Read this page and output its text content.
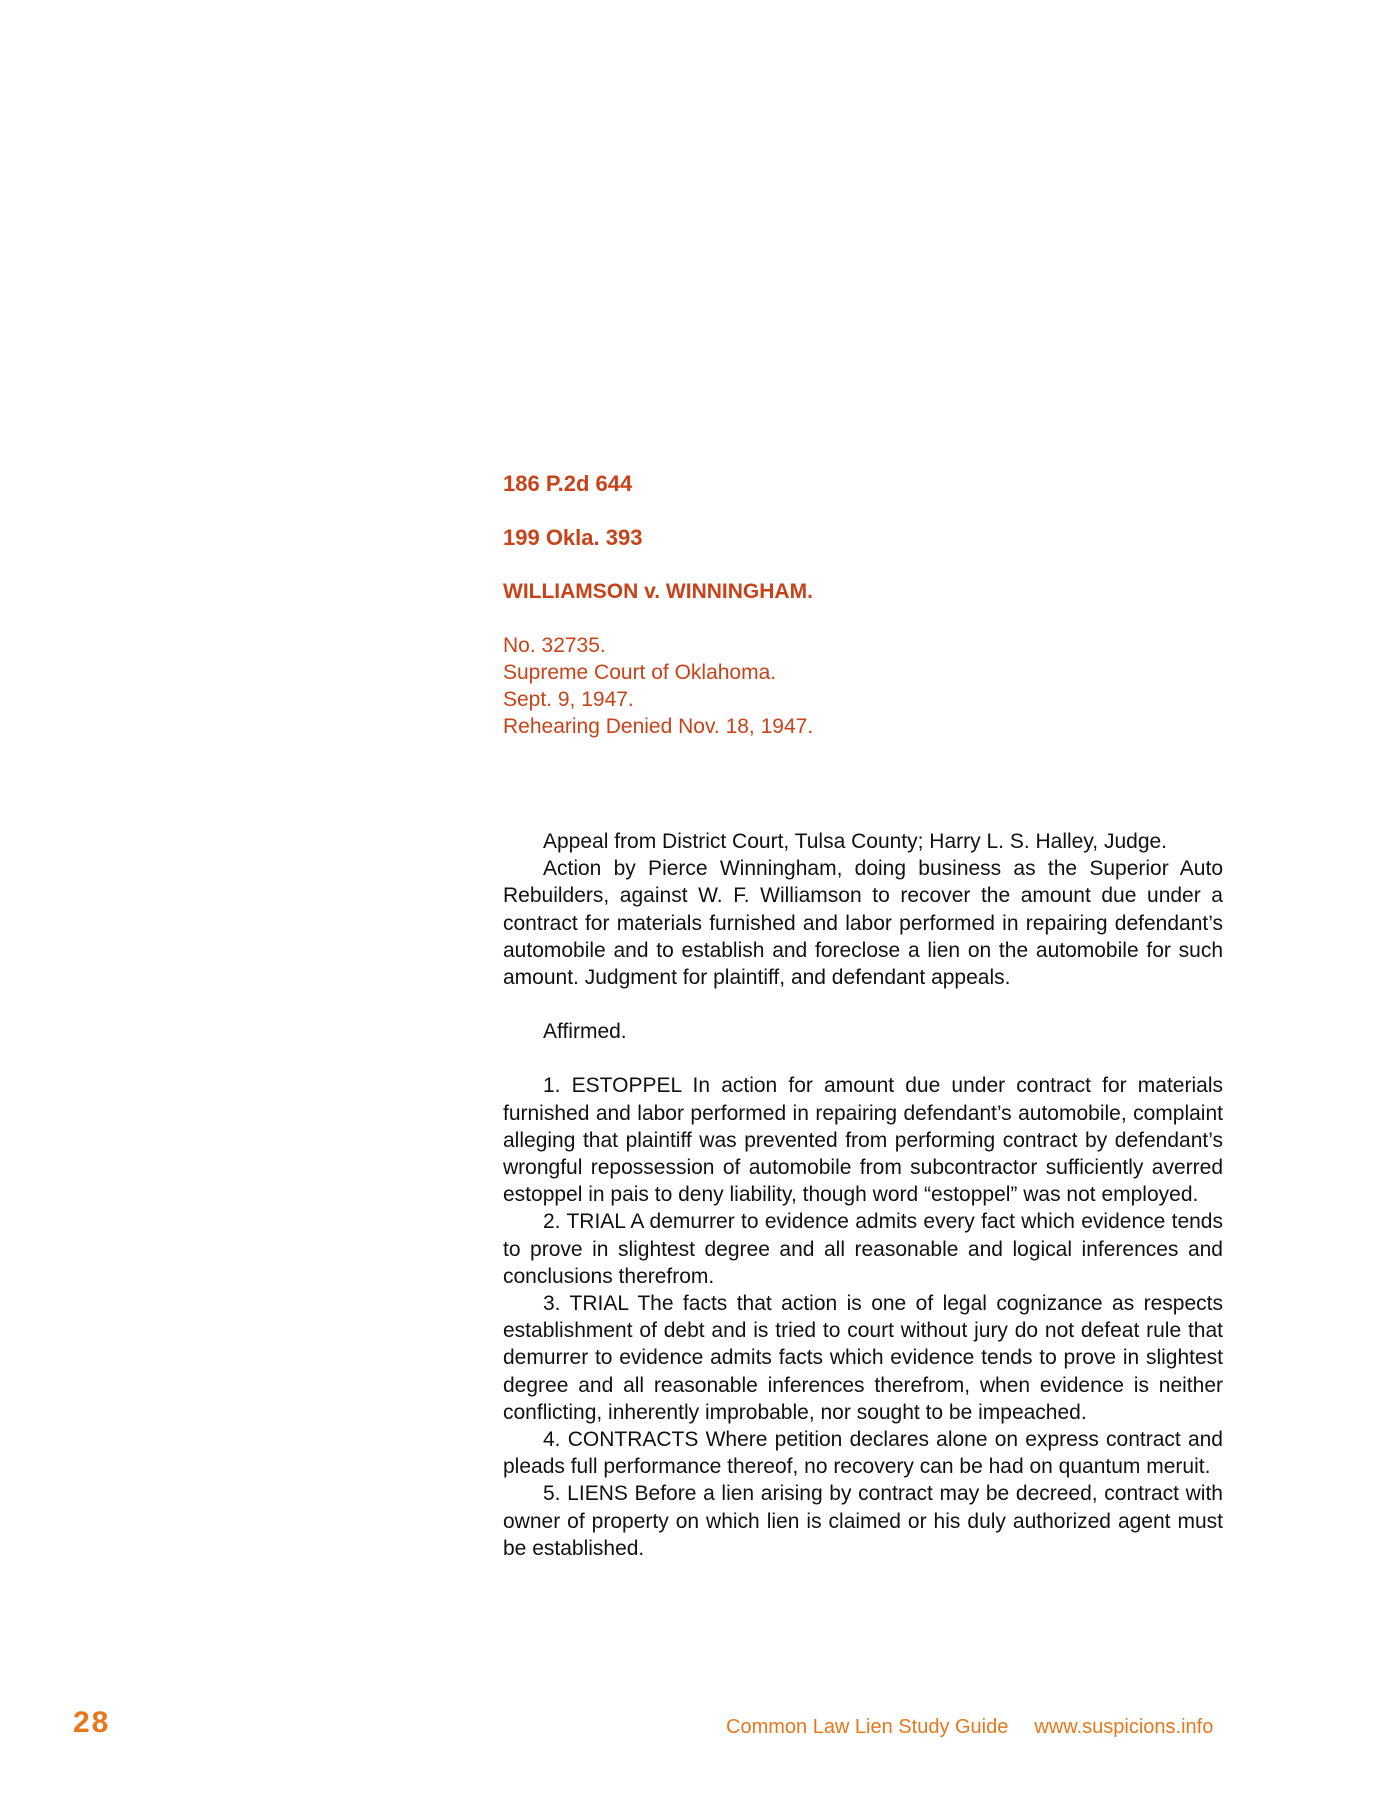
186 P.2d 644
199 Okla. 393
WILLIAMSON v. WINNINGHAM.
No. 32735.
Supreme Court of Oklahoma.
Sept. 9, 1947.
Rehearing Denied Nov. 18, 1947.

Appeal from District Court, Tulsa County; Harry L. S. Halley, Judge.

Action by Pierce Winningham, doing business as the Superior Auto Rebuilders, against W. F. Williamson to recover the amount due under a contract for materials furnished and labor performed in repairing defendant’s automobile and to establish and foreclose a lien on the automobile for such amount. Judgment for plaintiff, and defendant appeals.

Affirmed.

1. ESTOPPEL In action for amount due under contract for materials furnished and labor performed in repairing defendant’s automobile, complaint alleging that plaintiff was prevented from performing contract by defendant’s wrongful repossession of automobile from subcontractor sufficiently averred estoppel in pais to deny liability, though word “estoppel” was not employed.

2. TRIAL A demurrer to evidence admits every fact which evidence tends to prove in slightest degree and all reasonable and logical inferences and conclusions therefrom.

3. TRIAL The facts that action is one of legal cognizance as respects establishment of debt and is tried to court without jury do not defeat rule that demurrer to evidence admits facts which evidence tends to prove in slightest degree and all reasonable inferences therefrom, when evidence is neither conflicting, inherently improbable, nor sought to be impeached.

4. CONTRACTS Where petition declares alone on express contract and pleads full performance thereof, no recovery can be had on quantum meruit.

5. LIENS Before a lien arising by contract may be decreed, contract with owner of property on which lien is claimed or his duly authorized agent must be established.

28	Common Law Lien Study Guide www.suspicions.info
